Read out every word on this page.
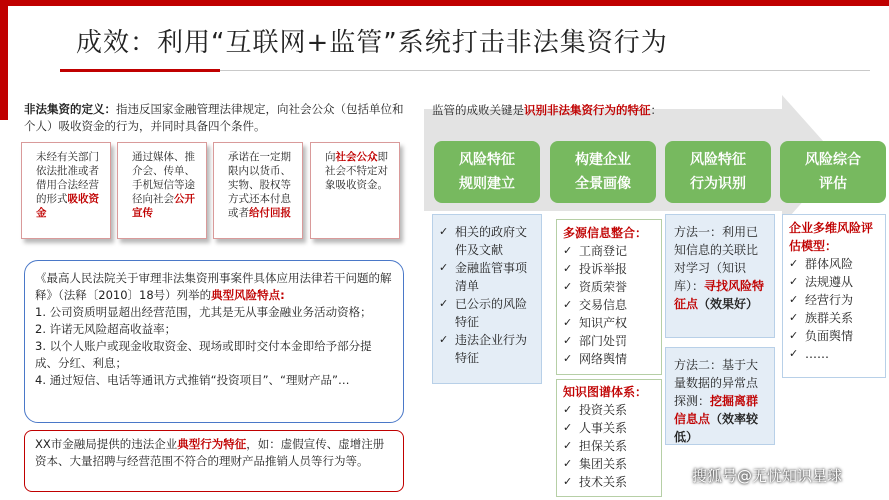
成效：利用“互联网+监管”系统打击非法集资行为
非法集资的定义：指违反国家金融管理法律规定，向社会公众（包括单位和个人）吸收资金的行为，并同时具备四个条件。
未经有关部门依法批准或者借用合法经营的形式吸收资金
通过媒体、推介会、传单、手机短信等途径向社会公开宣传
承诺在一定期限内以货币、实物、股权等方式还本付息或者给付回报
向社会公众即社会不特定对象吸收资金。
《最高人民法院关于审理非法集资刑事案件具体应用法律若干问题的解释》（法释〔2010〕18号）列举的典型风险特点:
1. 公司资质明显超出经营范围，尤其是无从事金融业务活动资格；
2. 许诺无风险超高收益率；
3. 以个人账户或现金收取资金、现场或即时交付本金即给予部分提成、分红、利息；
4. 通过短信、电话等通讯方式推销“投资项目”、“理财产品”…
XX市金融局提供的违法企业典型行为特征，如：虚假宣传、虚增注册资本、大量招聘与经营范围不符合的理财产品推销人员等行为等。
监管的成败关键是识别非法集资行为的特征：
风险特征
规则建立
构建企业
全景画像
风险特征
行为识别
风险综合
评估
✓ 相关的政府文件及文献
✓ 金融监管事项清单
✓ 已公示的风险特征
✓ 违法企业行为特征
多源信息整合：
✓ 工商登记
✓ 投诉举报
✓ 资质荣誉
✓ 交易信息
✓ 知识产权
✓ 部门处罚
✓ 网络舆情
知识图谱体系：
✓ 投资关系
✓ 人事关系
✓ 担保关系
✓ 集团关系
✓ 技术关系
方法一：利用已知信息的关联比对学习（知识库）：寻找风险特征点（效果好）
方法二：基于大量数据的异常点探测：挖掘离群信息点（效率较低）
企业多维风险评估模型：
✓ 群体风险
✓ 法规遵从
✓ 经营行为
✓ 族群关系
✓ 负面舆情
✓ ……
搜狐号@无忧知识星球
